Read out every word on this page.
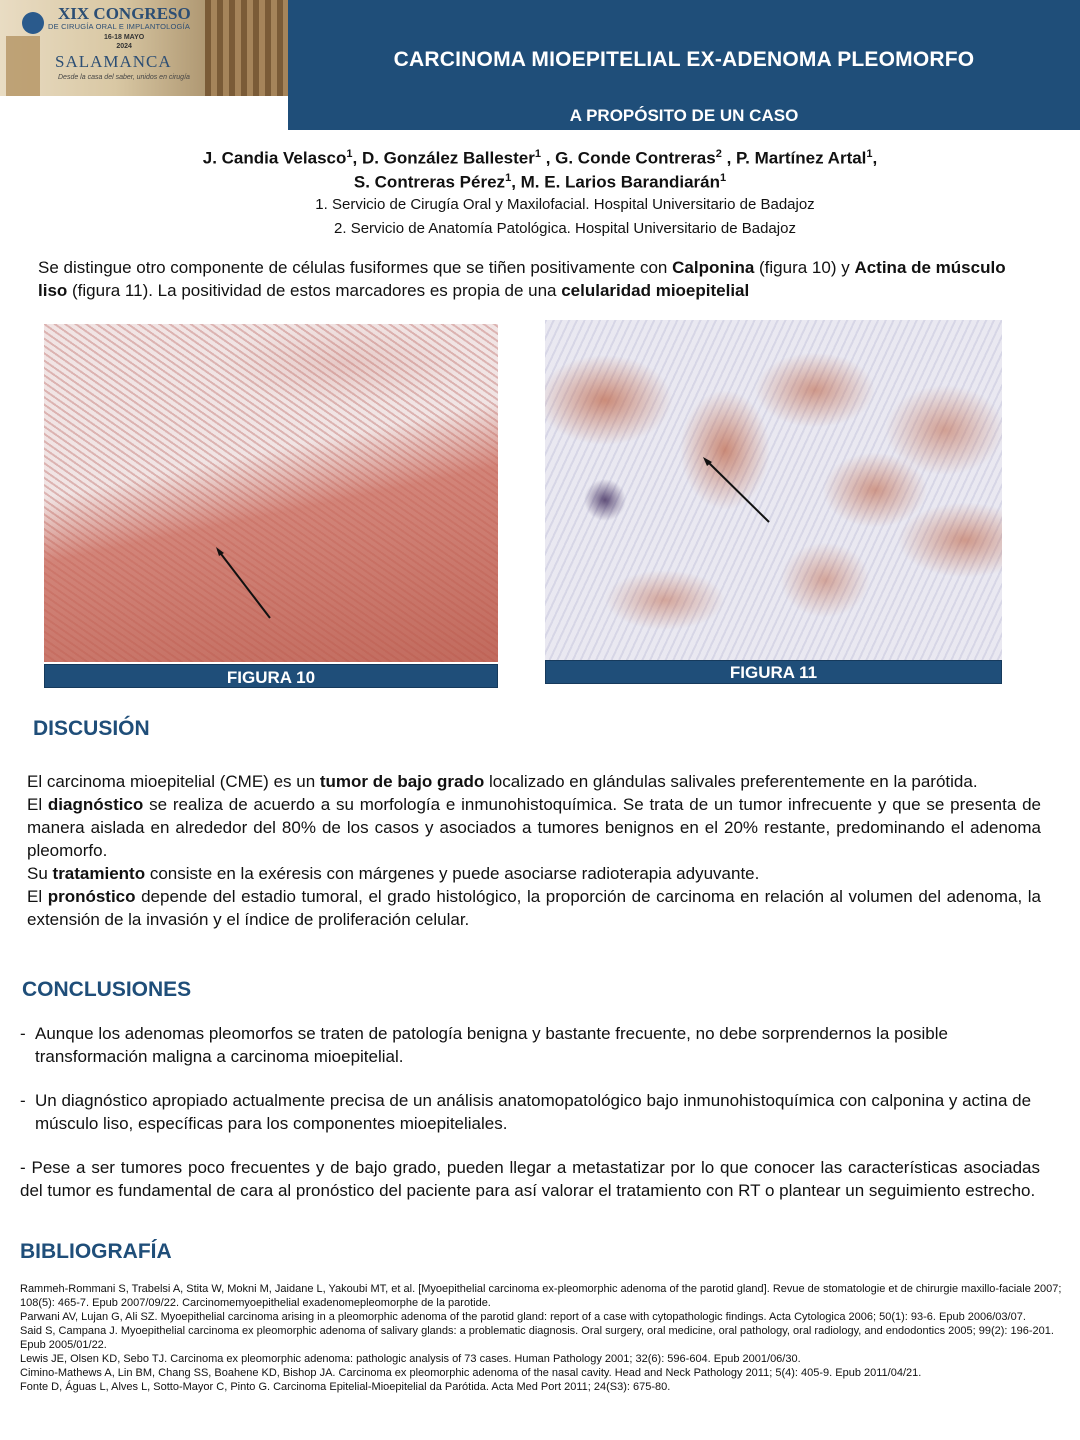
XIX CONGRESO
DE CIRUGÍA ORAL E IMPLANTOLOGÍA
16-18 MAYO
2024
SALAMANCA
Desde la casa del saber, unidos en cirugía
CARCINOMA MIOEPITELIAL EX-ADENOMA PLEOMORFO
A PROPÓSITO DE UN CASO
J. Candia Velasco$^1$, D. González Ballester$^1$ , G. Conde Contreras$^2$ , P. Martínez Artal$^1$,
S. Contreras Pérez$^1$, M. E. Larios Barandiarán$^1$
1. Servicio de Cirugía Oral y Maxilofacial. Hospital Universitario de Badajoz
2. Servicio de Anatomía Patológica. Hospital Universitario de Badajoz

Se distingue otro componente de células fusiformes que se tiñen positivamente con Calponina (figura 10) y Actina de músculo liso (figura 11). La positividad de estos marcadores es propia de una celularidad mioepitelial

FIGURA 10	FIGURA 11
DISCUSIÓN

El carcinoma mioepitelial (CME) es un tumor de bajo grado localizado en glándulas salivales preferentemente en la parótida.

El diagnóstico se realiza de acuerdo a su morfología e inmunohistoquímica. Se trata de un tumor infrecuente y que se presenta de manera aislada en alrededor del 80% de los casos y asociados a tumores benignos en el 20% restante, predominando el adenoma pleomorfo.

Su tratamiento consiste en la exéresis con márgenes y puede asociarse radioterapia adyuvante.

El pronóstico depende del estadio tumoral, el grado histológico, la proporción de carcinoma en relación al volumen del adenoma, la extensión de la invasión y el índice de proliferación celular.

CONCLUSIONES
- Aunque los adenomas pleomorfos se traten de patología benigna y bastante frecuente, no debe sorprendernos la posible transformación maligna a carcinoma mioepitelial.

- Un diagnóstico apropiado actualmente precisa de un análisis anatomopatológico bajo inmunohistoquímica con calponina y actina de músculo liso, específicas para los componentes mioepiteliales.

- Pese a ser tumores poco frecuentes y de bajo grado, pueden llegar a metastatizar por lo que conocer las características asociadas del tumor es fundamental de cara al pronóstico del paciente para así valorar el tratamiento con RT o plantear un seguimiento estrecho.

BIBLIOGRAFÍA
Rammeh-Rommani S, Trabelsi A, Stita W, Mokni M, Jaidane L, Yakoubi MT, et al. [Myoepithelial carcinoma ex-pleomorphic adenoma of the parotid gland]. Revue de stomatologie et de chirurgie maxillo-faciale 2007; 108(5): 465-7. Epub 2007/09/22. Carcinomemyoepithelial exadenomepleomorphe de la parotide.
Parwani AV, Lujan G, Ali SZ. Myoepithelial carcinoma arising in a pleomorphic adenoma of the parotid gland: report of a case with cytopathologic findings. Acta Cytologica 2006; 50(1): 93-6. Epub 2006/03/07.
Said S, Campana J. Myoepithelial carcinoma ex pleomorphic adenoma of salivary glands: a problematic diagnosis. Oral surgery, oral medicine, oral pathology, oral radiology, and endodontics 2005; 99(2): 196-201. Epub 2005/01/22.
Lewis JE, Olsen KD, Sebo TJ. Carcinoma ex pleomorphic adenoma: pathologic analysis of 73 cases. Human Pathology 2001; 32(6): 596-604. Epub 2001/06/30.
Cimino-Mathews A, Lin BM, Chang SS, Boahene KD, Bishop JA. Carcinoma ex pleomorphic adenoma of the nasal cavity. Head and Neck Pathology 2011; 5(4): 405-9. Epub 2011/04/21.
Fonte D, Águas L, Alves L, Sotto-Mayor C, Pinto G. Carcinoma Epitelial-Mioepitelial da Parótida. Acta Med Port 2011; 24(S3): 675-80.
